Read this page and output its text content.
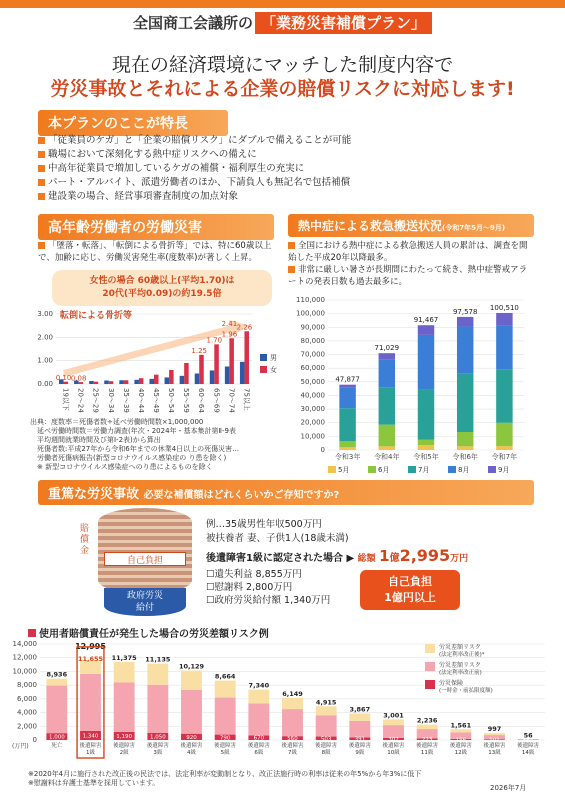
全国商工会議所の 「業務災害補償プラン」
現在の経済環境にマッチした制度内容で
労災事故とそれによる企業の賠償リスクに対応します!
本プランのここが特長
「従業員のケガ」と「企業の賠償リスク」にダブルで備えることが可能
職場において深刻化する熱中症リスクへの備えに
中高年従業員で増加しているケガの補償・福利厚生の充実に
パート・アルバイト、派遣労働者のほか、下請負人も無記名で包括補償
建設業の場合、経営事項審査制度の加点対象
高年齢労働者の労働災害
「墜落・転落」、「転倒による骨折等」では、特に60歳以上で、加齢に応じ、労働災害発生率(度数率)が著しく上昇。
女性の場合 60歳以上(平均1.70)は
20代(平均0.09)の約19.5倍
転倒による骨折等
0.00
1.00
2.00
3.00
19以下 20〜24 25〜29 30〜34 35〜39 40〜44 45〜49 50〜54 55〜59 60〜64 65〜69 70〜74 75以上
0.10 0.08
1.25
1.70
1.96
2.26
2.41
男
女
出典：度数率＝死傷者数÷延べ労働時間数×1,000,000
　延べ労働時間数＝労働力調査(年次・2024年・基本集計第Ⅱ-9表
　平均週間就業時間及び第Ⅰ-2表)から算出
　死傷者数:平成27年から令和6年までの休業4日以上の死傷災害…
　労働者死傷病報告(新型コロナウイルス感染症の り患を除く)
　※ 新型コロナウイルス感染症へのり患によるものを除く
熱中症による救急搬送状況(令和7年5月〜9月)
全国における熱中症による救急搬送人員の累計は、調査を開始した平成20年以降最多。
非常に厳しい暑さが長期間にわたって続き、熱中症警戒アラートの発表日数も過去最多に。
0
10,000
20,000
30,000
40,000
50,000
60,000
70,000
80,000
90,000
100,000
110,000
47,877
令和3年
71,029
令和4年
91,467
令和5年
97,578
令和6年
100,510
令和7年
5月	6月	7月	8月	9月
重篤な労災事故 必要な補償額はどれくらいかご存知ですか?
自己負担
政府労災
給付
賠償金
例…35歳男性年収500万円
被扶養者 妻、子供1人(18歳未満)
後遺障害1級に認定された場合 ▶ 総額 1億2,995万円
☐遺失利益 8,855万円
☐慰謝料 2,800万円
☐政府労災給付額 1,340万円
自己負担
1億円以上
使用者賠償責任が発生した場合の労災差額リスク例
0
2,000
4,000
6,000
8,000
10,000
12,000
14,000
(万円)
8,936
1,000
死亡
12,995
11,655
1,340
後遺障害
1級
11,375
1,190
後遺障害
2級
11,135
1,050
後遺障害
3級
10,129
920
後遺障害
4級
8,664
790
後遺障害
5級
7,340
670
後遺障害
6級
6,149
560
後遺障害
7級
4,915
503
後遺障害
8級
3,867
391
後遺障害
9級
3,001
302
後遺障害
10級
2,236
223
後遺障害
11級
1,561
156
後遺障害
12級
997
101
後遺障害
13級
56
564
後遺障害
14級
労災差額リスク
(法定利率改正後)*
労災差額リスク
(法定利率改正前)
労災保険
(一時金・前払限度額)
※2020年4月に施行された改正後の民法では、法定利率が変動制となり、改正法施行時の利率は従来の年5%から年3%に低下
※慰謝料は弁護士基準を採用しています。
2026年7月
